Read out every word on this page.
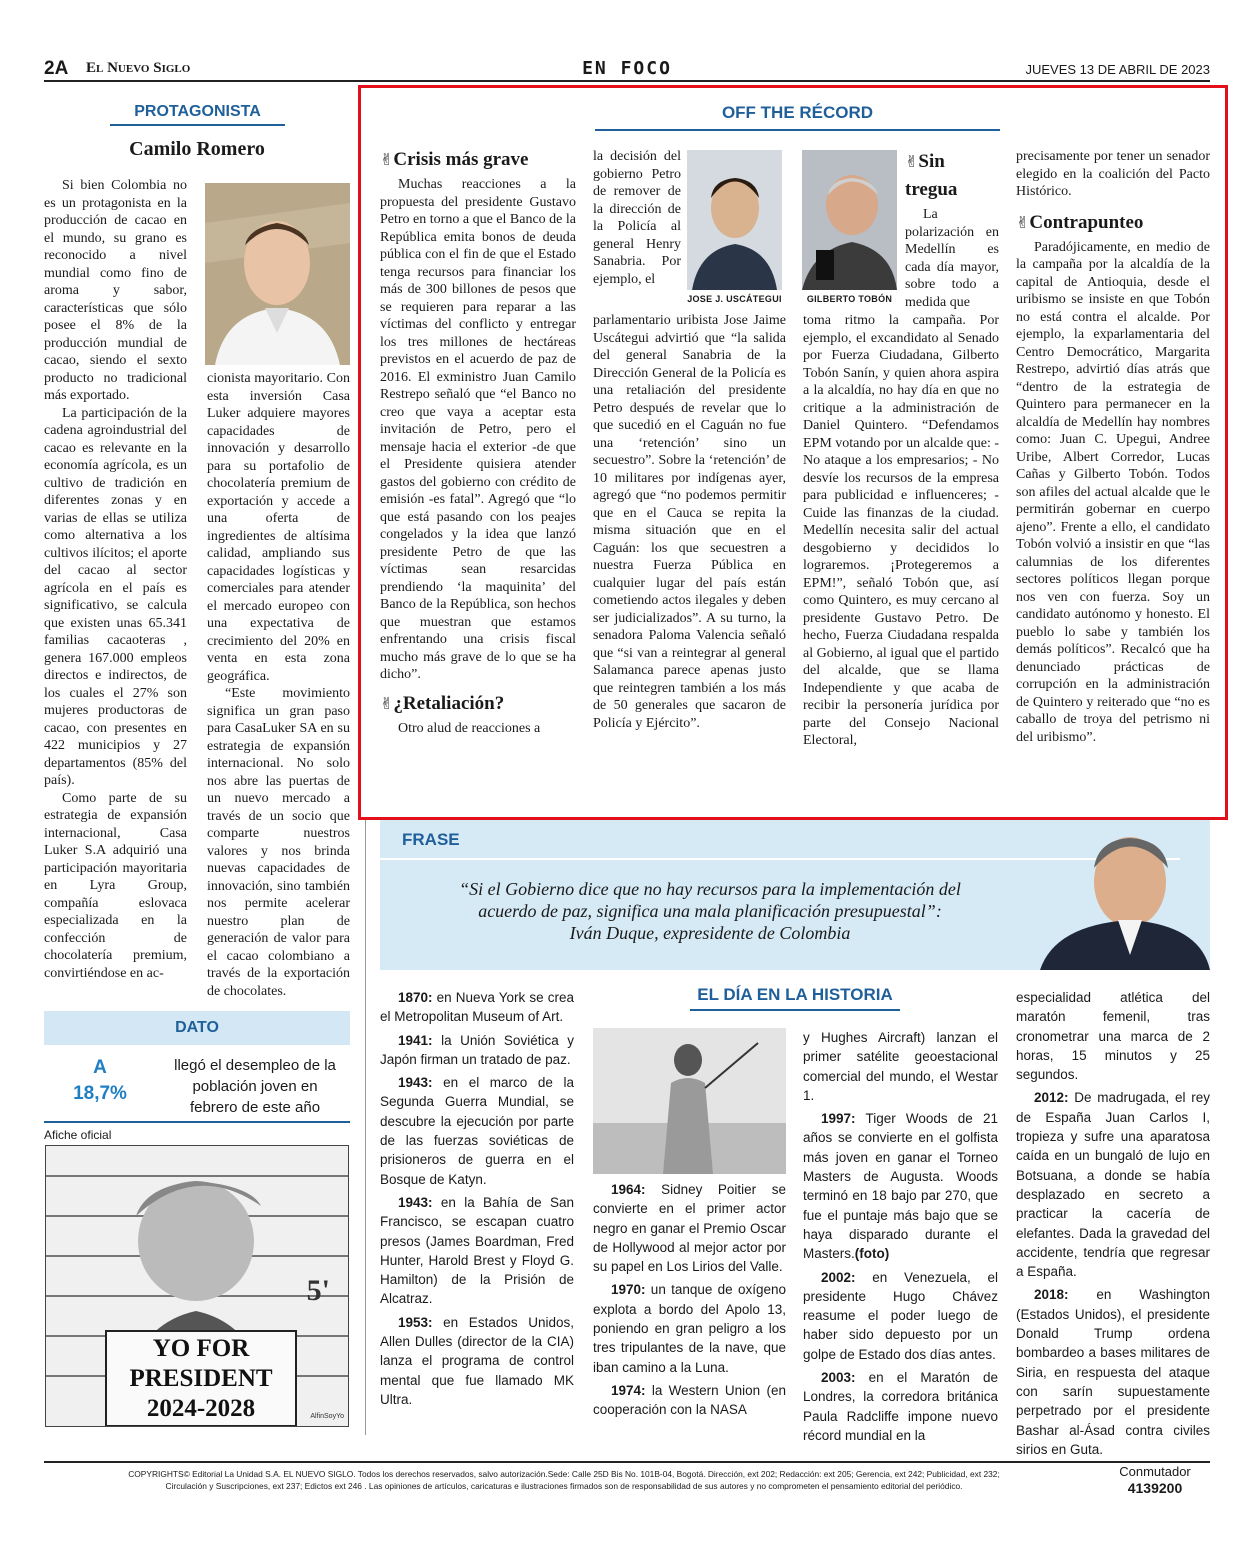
2A El Nuevo Siglo	EN FOCO	JUEVES 13 DE ABRIL DE 2023
PROTAGONISTA
Camilo Romero

Si bien Colombia no es un protagonista en la producción de cacao en el mundo, su grano es reconocido a nivel mundial como fino de aroma y sabor, características que sólo posee el 8% de la producción mundial de cacao, siendo el sexto producto no tradicional más exportado.

La participación de la cadena agroindustrial del cacao es relevante en la economía agrícola, es un cultivo de tradición en diferentes zonas y en varias de ellas se utiliza como alternativa a los cultivos ilícitos; el aporte del cacao al sector agrícola en el país es significativo, se calcula que existen unas 65.341 familias cacaoteras , genera 167.000 empleos directos e indirectos, de los cuales el 27% son mujeres productoras de cacao, con presentes en 422 municipios y 27 departamentos (85% del país).

Como parte de su estrategia de expansión internacional, Casa Luker S.A adquirió una participación mayoritaria en Lyra Group, compañía eslovaca especializada en la confección de chocolatería premium, convirtiéndose en ac-

cionista mayoritario. Con esta inversión Casa Luker adquiere mayores capacidades de innovación y desarrollo para su portafolio de chocolatería premium de exportación y accede a una oferta de ingredientes de altísima calidad, ampliando sus capacidades logísticas y comerciales para atender el mercado europeo con una expectativa de crecimiento del 20% en venta en esta zona geográfica.

“Este movimiento significa un gran paso para CasaLuker SA en su estrategia de expansión internacional. No solo nos abre las puertas de un nuevo mercado a través de un socio que comparte nuestros valores y nos brinda nuevas capacidades de innovación, sino también nos permite acelerar nuestro plan de generación de valor para el cacao colombiano a través de la exportación de chocolates.

DATO
A
18,7%
llegó el desempleo de la población joven en febrero de este año
Afiche oficial
5'
YO FOR
PRESIDENT
2024-2028	AlfinSoyYo
OFF THE RÉCORD
✌Crisis más grave

Muchas reacciones a la propuesta del presidente Gustavo Petro en torno a que el Banco de la República emita bonos de deuda pública con el fin de que el Estado tenga recursos para financiar los más de 300 billones de pesos que se requieren para reparar a las víctimas del conflicto y entregar los tres millones de hectáreas previstos en el acuerdo de paz de 2016. El exministro Juan Camilo Restrepo señaló que “el Banco no creo que vaya a aceptar esta invitación de Petro, pero el mensaje hacia el exterior -de que el Presidente quisiera atender gastos del gobierno con crédito de emisión -es fatal”. Agregó que “lo que está pasando con los peajes congelados y la idea que lanzó presidente Petro de que las víctimas sean resarcidas prendiendo ‘la maquinita’ del Banco de la República, son hechos que muestran que estamos enfrentando una crisis fiscal mucho más grave de lo que se ha dicho”.

✌¿Retaliación?

Otro alud de reacciones a

la decisión del gobierno Petro de remover de la dirección de la Policía al general Henry Sanabria. Por ejemplo, el
JOSE J. USCÁTEGUI
parlamentario uribista Jose Jaime Uscátegui advirtió que “la salida del general Sanabria de la Dirección General de la Policía es una retaliación del presidente Petro después de revelar que lo que sucedió en el Caguán no fue una ‘retención’ sino un secuestro”. Sobre la ‘retención’ de 10 militares por indígenas ayer, agregó que “no podemos permitir que en el Cauca se repita la misma situación que en el Caguán: los que secuestren a nuestra Fuerza Pública en cualquier lugar del país están cometiendo actos ilegales y deben ser judicializados”. A su turno, la senadora Paloma Valencia señaló que “si van a reintegrar al general Salamanca parece apenas justo que reintegren también a los más de 50 generales que sacaron de Policía y Ejército”.
GILBERTO TOBÓN
✌Sin tregua

La polarización en Medellín es cada día mayor, sobre todo a medida que

toma ritmo la campaña. Por ejemplo, el excandidato al Senado por Fuerza Ciudadana, Gilberto Tobón Sanín, y quien ahora aspira a la alcaldía, no hay día en que no critique a la administración de Daniel Quintero. “Defendamos EPM votando por un alcalde que: - No ataque a los empresarios; - No desvíe los recursos de la empresa para publicidad e influenceres; - Cuide las finanzas de la ciudad. Medellín necesita salir del actual desgobierno y decididos lo lograremos. ¡Protegeremos a EPM!”, señaló Tobón que, así como Quintero, es muy cercano al presidente Gustavo Petro. De hecho, Fuerza Ciudadana respalda al Gobierno, al igual que el partido del alcalde, que se llama Independiente y que acaba de recibir la personería jurídica por parte del Consejo Nacional Electoral,
precisamente por tener un senador elegido en la coalición del Pacto Histórico.
✌Contrapunteo

Paradójicamente, en medio de la campaña por la alcaldía de la capital de Antioquia, desde el uribismo se insiste en que Tobón no está contra el alcalde. Por ejemplo, la exparlamentaria del Centro Democrático, Margarita Restrepo, advirtió días atrás que “dentro de la estrategia de Quintero para permanecer en la alcaldía de Medellín hay nombres como: Juan C. Upegui, Andree Uribe, Albert Corredor, Lucas Cañas y Gilberto Tobón. Todos son afiles del actual alcalde que le permitirán gobernar en cuerpo ajeno”. Frente a ello, el candidato Tobón volvió a insistir en que “las calumnias de los diferentes sectores políticos llegan porque nos ven con fuerza. Soy un candidato autónomo y honesto. El pueblo lo sabe y también los demás políticos”. Recalcó que ha denunciado prácticas de corrupción en la administración de Quintero y reiterado que “no es caballo de troya del petrismo ni del uribismo”.

FRASE
“Si el Gobierno dice que no hay recursos para la implementación del
acuerdo de paz, significa una mala planificación presupuestal”:
Iván Duque, expresidente de Colombia
EL DÍA EN LA HISTORIA

1870: en Nueva York se crea el Metropolitan Museum of Art.

1941: la Unión Soviética y Japón firman un tratado de paz.

1943: en el marco de la Segunda Guerra Mundial, se descubre la ejecución por parte de las fuerzas soviéticas de prisioneros de guerra en el Bosque de Katyn.

1943: en la Bahía de San Francisco, se escapan cuatro presos (James Boardman, Fred Hunter, Harold Brest y Floyd G. Hamilton) de la Prisión de Alcatraz.

1953: en Estados Unidos, Allen Dulles (director de la CIA) lanza el programa de control mental que fue llamado MK Ultra.

1964: Sidney Poitier se convierte en el primer actor negro en ganar el Premio Oscar de Hollywood al mejor actor por su papel en Los Lirios del Valle.

1970: un tanque de oxígeno explota a bordo del Apolo 13, poniendo en gran peligro a los tres tripulantes de la nave, que iban camino a la Luna.

1974: la Western Union (en cooperación con la NASA

y Hughes Aircraft) lanzan el primer satélite geoestacional comercial del mundo, el Westar 1.

1997: Tiger Woods de 21 años se convierte en el golfista más joven en ganar el Torneo Masters de Augusta. Woods terminó en 18 bajo par 270, que fue el puntaje más bajo que se haya disparado durante el Masters.(foto)

2002: en Venezuela, el presidente Hugo Chávez reasume el poder luego de haber sido depuesto por un golpe de Estado dos días antes.

2003: en el Maratón de Londres, la corredora británica Paula Radcliffe impone nuevo récord mundial en la

especialidad atlética del maratón femenil, tras cronometrar una marca de 2 horas, 15 minutos y 25 segundos.

2012: De madrugada, el rey de España Juan Carlos I, tropieza y sufre una aparatosa caída en un bungaló de lujo en Botsuana, a donde se había desplazado en secreto a practicar la cacería de elefantes. Dada la gravedad del accidente, tendría que regresar a España.

2018: en Washington (Estados Unidos), el presidente Donald Trump ordena bombardeo a bases militares de Siria, en respuesta del ataque con sarín supuestamente perpetrado por el presidente Bashar al-Ásad contra civiles sirios en Guta.

COPYRIGHTS© Editorial La Unidad S.A. EL NUEVO SIGLO. Todos los derechos reservados, salvo autorización.Sede: Calle 25D Bis No. 101B-04, Bogotá. Dirección, ext 202; Redacción: ext 205; Gerencia, ext 242; Publicidad, ext 232;
Circulación y Suscripciones, ext 237; Edictos ext 246 . Las opiniones de artículos, caricaturas e ilustraciones firmados son de responsabilidad de sus autores y no comprometen el pensamiento editorial del periódico.
Conmutador
4139200
